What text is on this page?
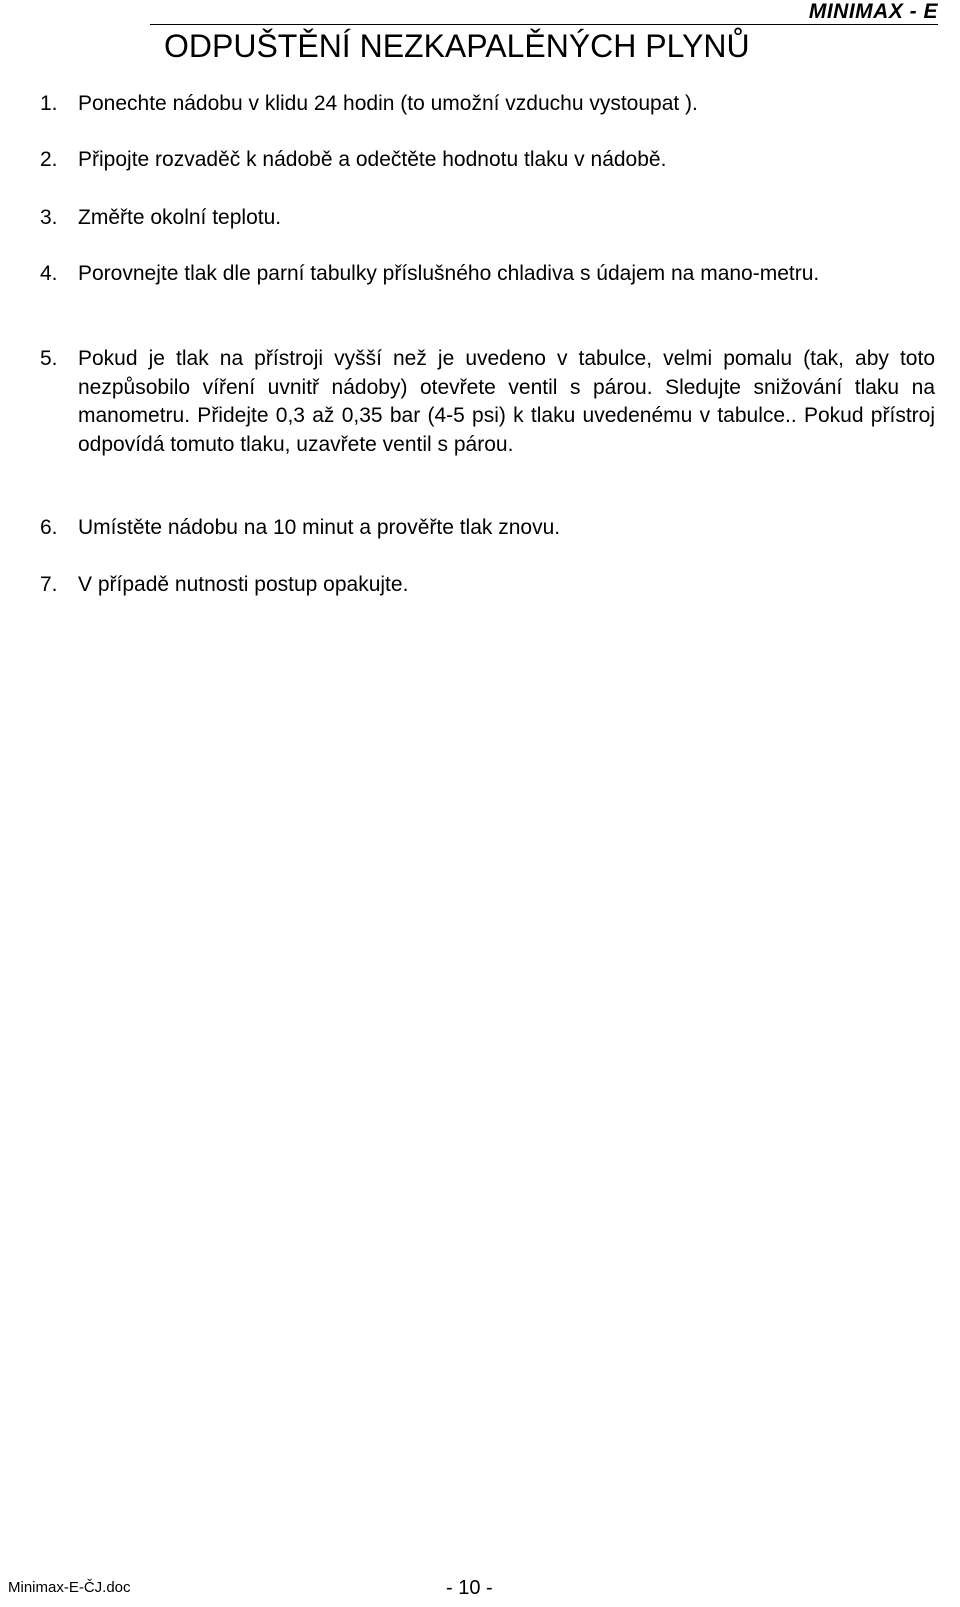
MINIMAX - E
ODPUŠTĚNÍ NEZKAPALĚNÝCH PLYNŮ
1. Ponechte nádobu v klidu 24 hodin (to umožní vzduchu vystoupat ).
2. Připojte rozvaděč k nádobě a odečtěte hodnotu tlaku v nádobě.
3. Změřte okolní teplotu.
4. Porovnejte tlak dle parní tabulky příslušného chladiva s údajem na mano-metru.
5. Pokud je tlak na přístroji vyšší než je uvedeno v tabulce, velmi pomalu (tak, aby toto nezpůsobilo víření uvnitř nádoby) otevřete ventil s párou. Sledujte snižování tlaku na manometru. Přidejte 0,3 až 0,35 bar (4-5 psi) k tlaku uvedenému v tabulce.. Pokud přístroj odpovídá tomuto tlaku, uzavřete ventil s párou.
6. Umístěte nádobu na 10 minut a prověřte tlak znovu.
7. V případě nutnosti postup opakujte.
Minimax-E-ČJ.doc	- 10 -
